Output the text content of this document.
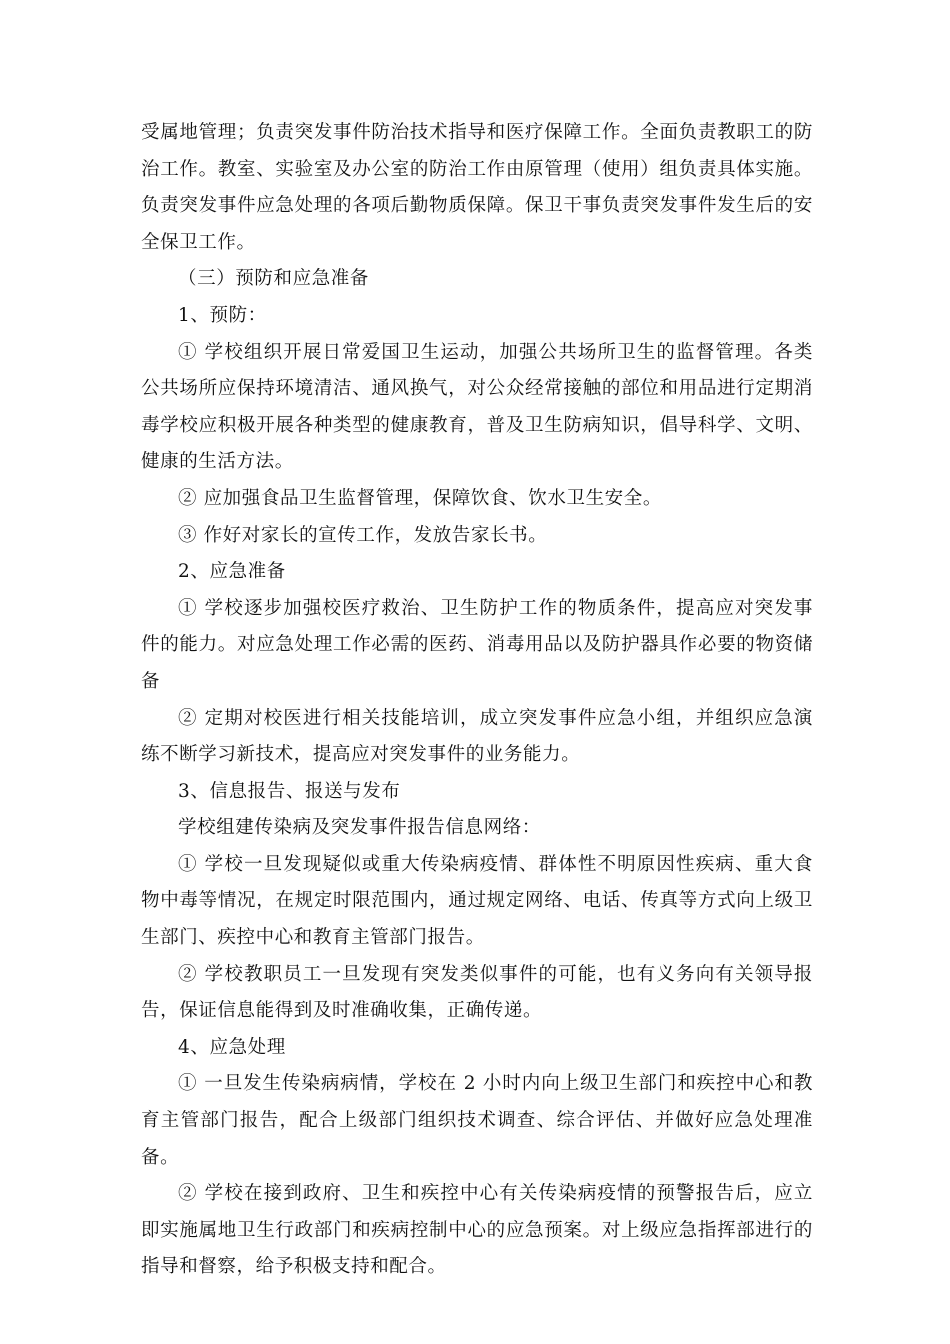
受属地管理；负责突发事件防治技术指导和医疗保障工作。全面负责教职工的防治工作。教室、实验室及办公室的防治工作由原管理（使用）组负责具体实施。负责突发事件应急处理的各项后勤物质保障。保卫干事负责突发事件发生后的安全保卫工作。

（三）预防和应急准备

1、预防：

① 学校组织开展日常爱国卫生运动，加强公共场所卫生的监督管理。各类公共场所应保持环境清洁、通风换气，对公众经常接触的部位和用品进行定期消毒学校应积极开展各种类型的健康教育，普及卫生防病知识，倡导科学、文明、健康的生活方法。

② 应加强食品卫生监督管理，保障饮食、饮水卫生安全。

③ 作好对家长的宣传工作，发放告家长书。

2、应急准备

① 学校逐步加强校医疗救治、卫生防护工作的物质条件，提高应对突发事件的能力。对应急处理工作必需的医药、消毒用品以及防护器具作必要的物资储备

② 定期对校医进行相关技能培训，成立突发事件应急小组，并组织应急演练不断学习新技术，提高应对突发事件的业务能力。

3、信息报告、报送与发布

学校组建传染病及突发事件报告信息网络：

① 学校一旦发现疑似或重大传染病疫情、群体性不明原因性疾病、重大食物中毒等情况，在规定时限范围内，通过规定网络、电话、传真等方式向上级卫生部门、疾控中心和教育主管部门报告。

② 学校教职员工一旦发现有突发类似事件的可能，也有义务向有关领导报告，保证信息能得到及时准确收集，正确传递。

4、应急处理

① 一旦发生传染病病情，学校在 2 小时内向上级卫生部门和疾控中心和教育主管部门报告，配合上级部门组织技术调查、综合评估、并做好应急处理准备。

② 学校在接到政府、卫生和疾控中心有关传染病疫情的预警报告后，应立即实施属地卫生行政部门和疾病控制中心的应急预案。对上级应急指挥部进行的指导和督察，给予积极支持和配合。
